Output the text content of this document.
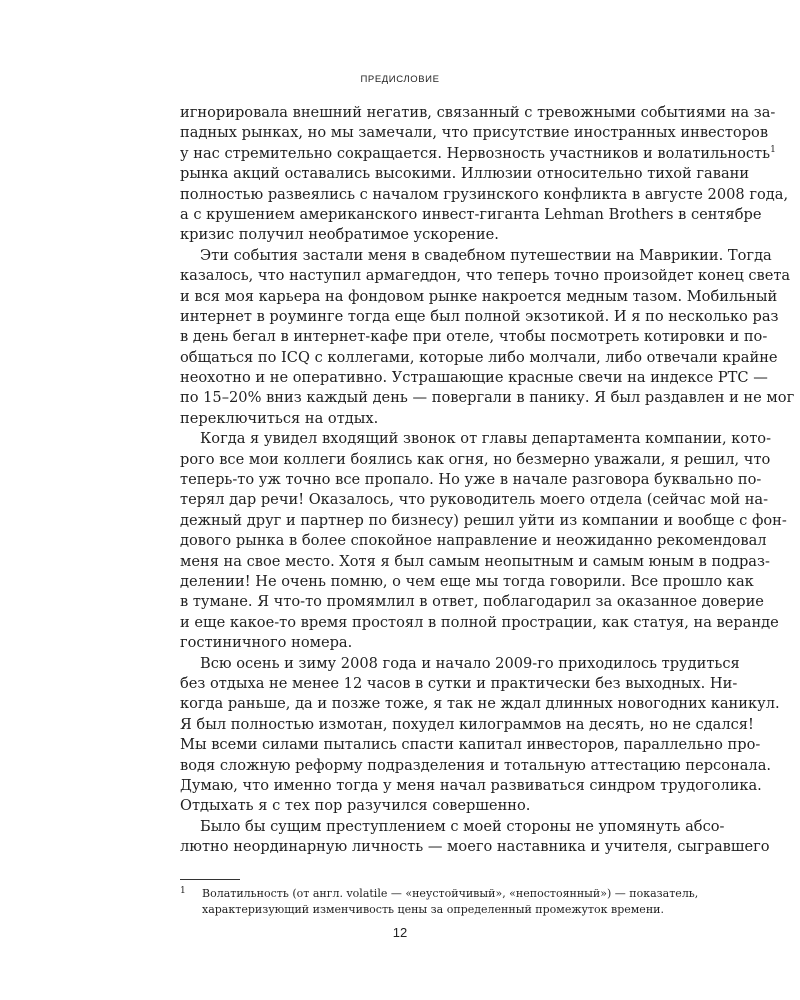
ПРЕДИСЛОВИЕ
игнорировала внешний негатив, связанный с тревожными событиями на за-
падных рынках, но мы замечали, что присутствие иностранных инвесторов
у нас стремительно сокращается. Нервозность участников и волатильность$^1$
рынка акций оставались высокими. Иллюзии относительно тихой гавани
полностью развеялись с началом грузинского конфликта в августе 2008 года,
а с крушением американского инвест-гиганта Lehman Brothers в сентябре
кризис получил необратимое ускорение.
Эти события застали меня в свадебном путешествии на Маврикии. Тогда
казалось, что наступил армагеддон, что теперь точно произойдет конец света
и вся моя карьера на фондовом рынке накроется медным тазом. Мобильный
интернет в роуминге тогда еще был полной экзотикой. И я по несколько раз
в день бегал в интернет-кафе при отеле, чтобы посмотреть котировки и по-
общаться по ICQ с коллегами, которые либо молчали, либо отвечали крайне
неохотно и не оперативно. Устрашающие красные свечи на индексе РТС —
по 15–20% вниз каждый день — повергали в панику. Я был раздавлен и не мог
переключиться на отдых.
Когда я увидел входящий звонок от главы департамента компании, кото-
рого все мои коллеги боялись как огня, но безмерно уважали, я решил, что
теперь-то уж точно все пропало. Но уже в начале разговора буквально по-
терял дар речи! Оказалось, что руководитель моего отдела (сейчас мой на-
дежный друг и партнер по бизнесу) решил уйти из компании и вообще с фон-
дового рынка в более спокойное направление и неожиданно рекомендовал
меня на свое место. Хотя я был самым неопытным и самым юным в подраз-
делении! Не очень помню, о чем еще мы тогда говорили. Все прошло как
в тумане. Я что-то промямлил в ответ, поблагодарил за оказанное доверие
и еще какое-то время простоял в полной прострации, как статуя, на веранде
гостиничного номера.
Всю осень и зиму 2008 года и начало 2009-го приходилось трудиться
без отдыха не менее 12 часов в сутки и практически без выходных. Ни-
когда раньше, да и позже тоже, я так не ждал длинных новогодних каникул.
Я был полностью измотан, похудел килограммов на десять, но не сдался!
Мы всеми силами пытались спасти капитал инвесторов, параллельно про-
водя сложную реформу подразделения и тотальную аттестацию персонала.
Думаю, что именно тогда у меня начал развиваться синдром трудоголика.
Отдыхать я с тех пор разучился совершенно.
Было бы сущим преступлением с моей стороны не упомянуть абсо-
лютно неординарную личность — моего наставника и учителя, сыгравшего
1 Волатильность (от англ. volatile — «неустойчивый», «непостоянный») — показатель,
характеризующий изменчивость цены за определенный промежуток времени.
12
